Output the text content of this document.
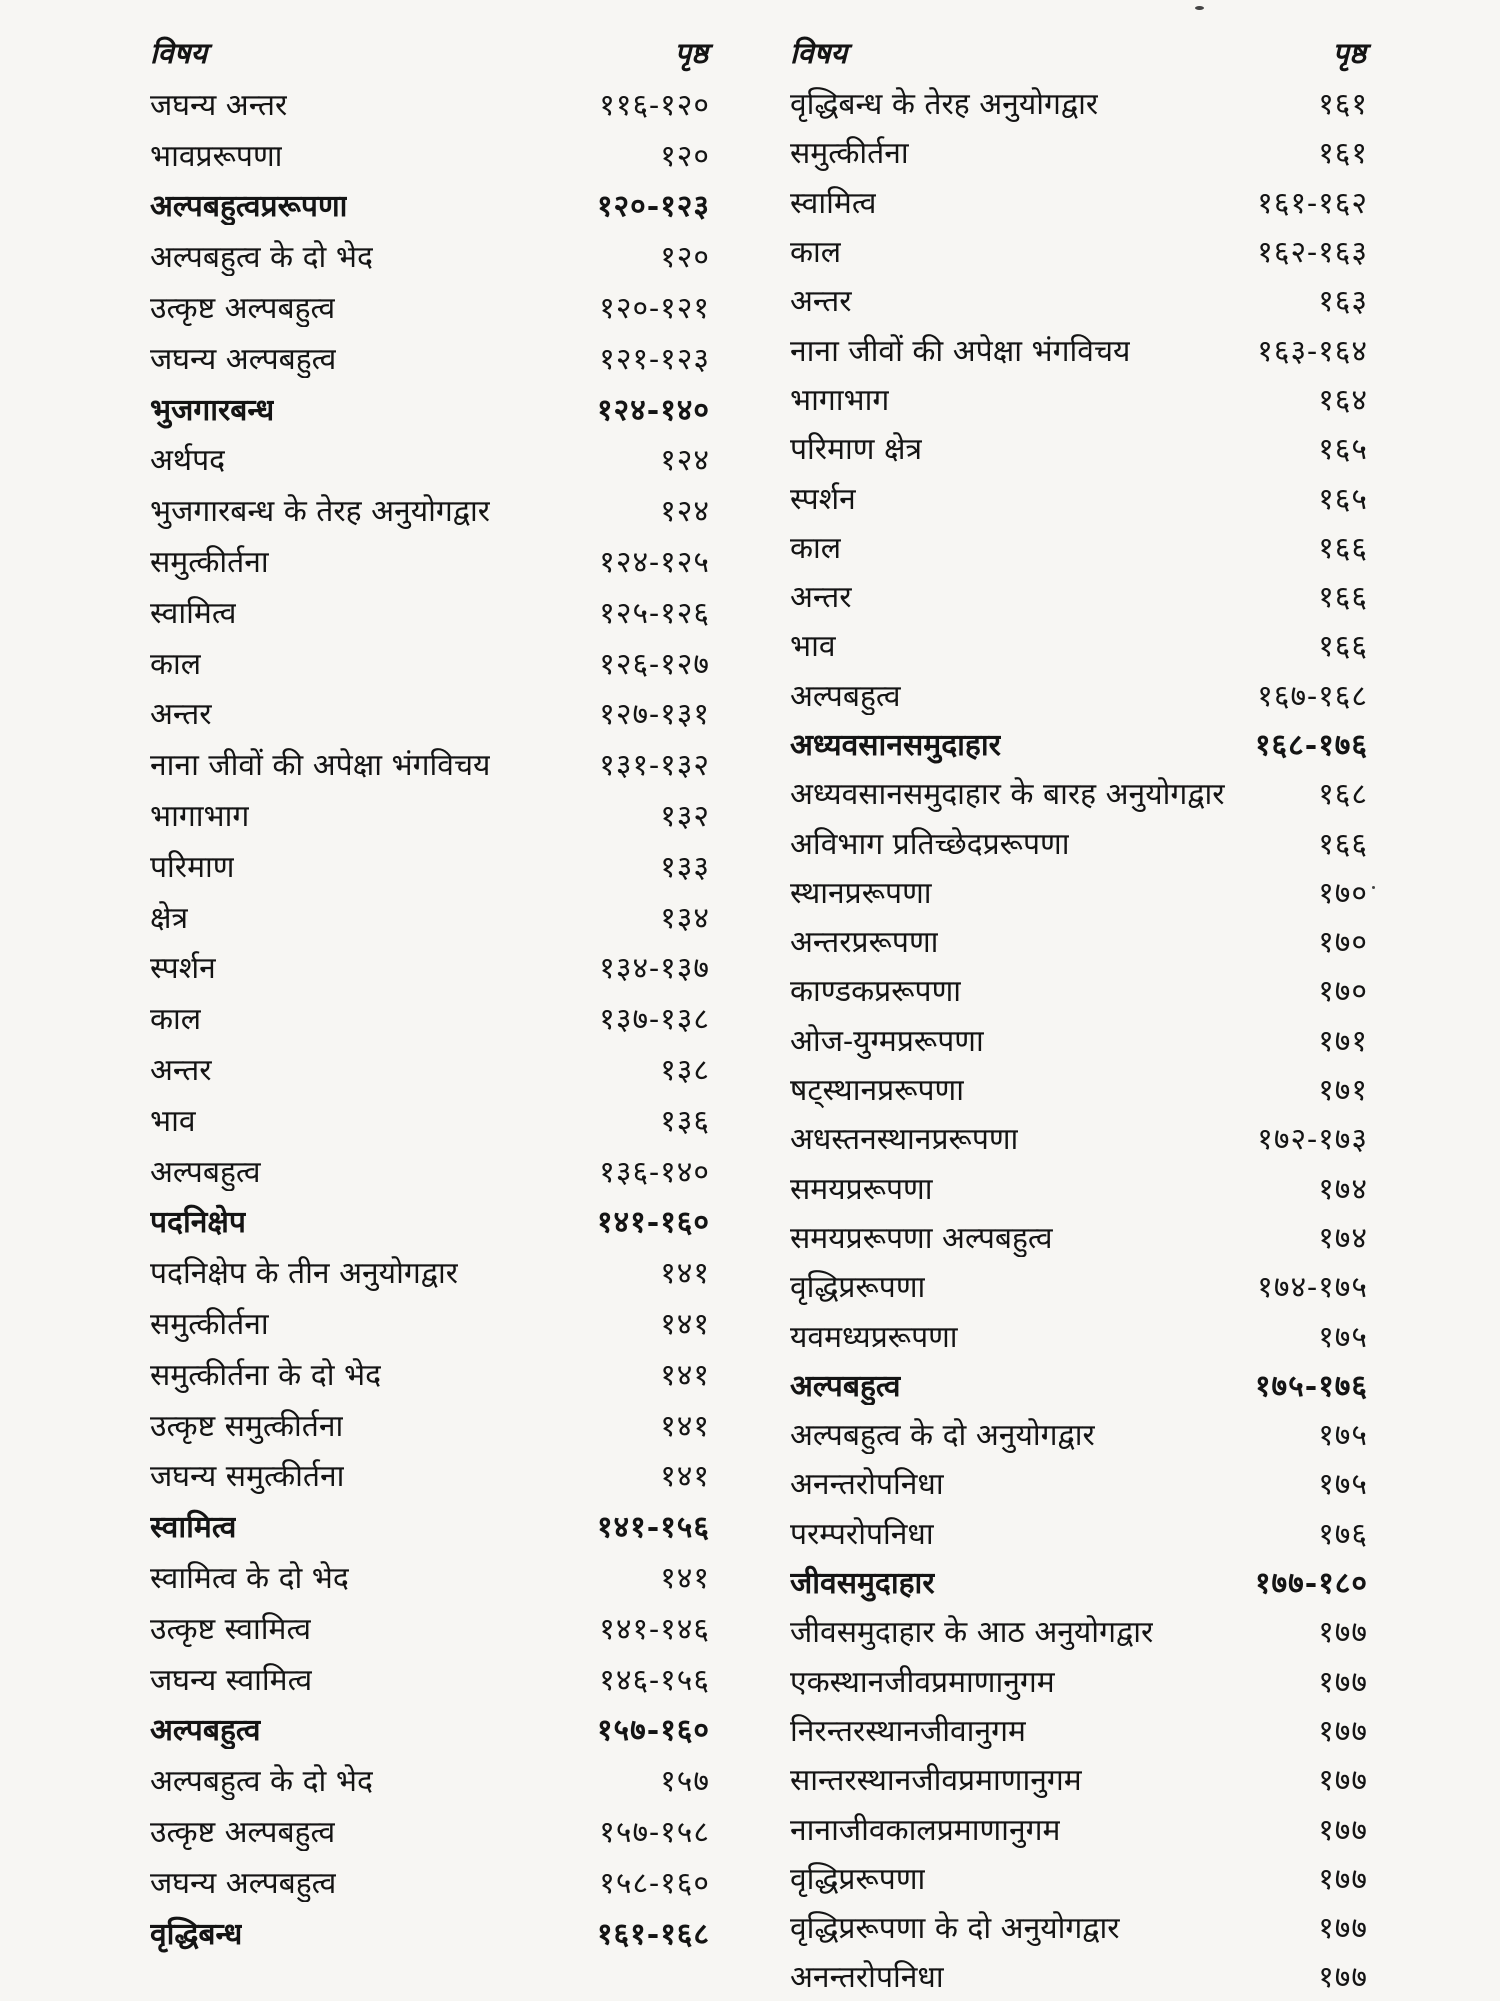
विषय	पृष्ठ
जघन्य अन्तर	११६-१२०
भावप्ररूपणा	१२०
अल्पबहुत्वप्ररूपणा	१२०-१२३
अल्पबहुत्व के दो भेद	१२०
उत्कृष्ट अल्पबहुत्व	१२०-१२१
जघन्य अल्पबहुत्व	१२१-१२३
भुजगारबन्ध	१२४-१४०
अर्थपद	१२४
भुजगारबन्ध के तेरह अनुयोगद्वार	१२४
समुत्कीर्तना	१२४-१२५
स्वामित्व	१२५-१२६
काल	१२६-१२७
अन्तर	१२७-१३१
नाना जीवों की अपेक्षा भंगविचय	१३१-१३२
भागाभाग	१३२
परिमाण	१३३
क्षेत्र	१३४
स्पर्शन	१३४-१३७
काल	१३७-१३८
अन्तर	१३८
भाव	१३६
अल्पबहुत्व	१३६-१४०
पदनिक्षेप	१४१-१६०
पदनिक्षेप के तीन अनुयोगद्वार	१४१
समुत्कीर्तना	१४१
समुत्कीर्तना के दो भेद	१४१
उत्कृष्ट समुत्कीर्तना	१४१
जघन्य समुत्कीर्तना	१४१
स्वामित्व	१४१-१५६
स्वामित्व के दो भेद	१४१
उत्कृष्ट स्वामित्व	१४१-१४६
जघन्य स्वामित्व	१४६-१५६
अल्पबहुत्व	१५७-१६०
अल्पबहुत्व के दो भेद	१५७
उत्कृष्ट अल्पबहुत्व	१५७-१५८
जघन्य अल्पबहुत्व	१५८-१६०
वृद्धिबन्ध	१६१-१६८
विषय	पृष्ठ
वृद्धिबन्ध के तेरह अनुयोगद्वार	१६१
समुत्कीर्तना	१६१
स्वामित्व	१६१-१६२
काल	१६२-१६३
अन्तर	१६३
नाना जीवों की अपेक्षा भंगविचय	१६३-१६४
भागाभाग	१६४
परिमाण क्षेत्र	१६५
स्पर्शन	१६५
काल	१६६
अन्तर	१६६
भाव	१६६
अल्पबहुत्व	१६७-१६८
अध्यवसानसमुदाहार	१६८-१७६
अध्यवसानसमुदाहार के बारह अनुयोगद्वार	१६८
अविभाग प्रतिच्छेदप्ररूपणा	१६६
स्थानप्ररूपणा	१७०
अन्तरप्ररूपणा	१७०
काण्डकप्ररूपणा	१७०
ओज-युग्मप्ररूपणा	१७१
षट्स्थानप्ररूपणा	१७१
अधस्तनस्थानप्ररूपणा	१७२-१७३
समयप्ररूपणा	१७४
समयप्ररूपणा अल्पबहुत्व	१७४
वृद्धिप्ररूपणा	१७४-१७५
यवमध्यप्ररूपणा	१७५
अल्पबहुत्व	१७५-१७६
अल्पबहुत्व के दो अनुयोगद्वार	१७५
अनन्तरोपनिधा	१७५
परम्परोपनिधा	१७६
जीवसमुदाहार	१७७-१८०
जीवसमुदाहार के आठ अनुयोगद्वार	१७७
एकस्थानजीवप्रमाणानुगम	१७७
निरन्तरस्थानजीवानुगम	१७७
सान्तरस्थानजीवप्रमाणानुगम	१७७
नानाजीवकालप्रमाणानुगम	१७७
वृद्धिप्ररूपणा	१७७
वृद्धिप्ररूपणा के दो अनुयोगद्वार	१७७
अनन्तरोपनिधा	१७७
